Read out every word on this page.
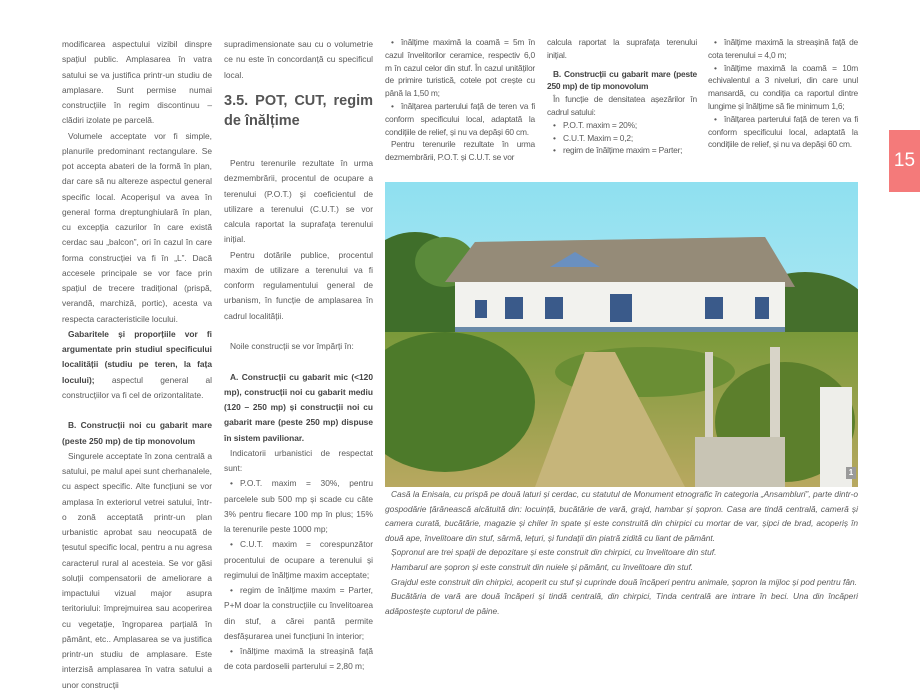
modificarea aspectului vizibil dinspre spațiul public. Amplasarea în vatra satului se va justifica printr-un studiu de amplasare. Sunt permise numai construcțiile în regim discontinuu – clădiri izolate pe parcelă.

Volumele acceptate vor fi simple, planurile predominant rectangulare. Se pot accepta abateri de la formă în plan, dar care să nu altereze aspectul general specific local. Acoperișul va avea în general forma dreptunghiulară în plan, cu excepția cazurilor în care există cerdac sau „balcon”, ori în cazul în care forma construcției va fi în „L”. Dacă accesele principale se vor face prin spațiul de trecere tradițional (prispă, verandă, marchiză, portic), acesta va respecta caracteristicile locului.

Gabaritele și proporțiile vor fi argumentate prin studiul specificului localității (studiu pe teren, la fața locului); aspectul general al construcțiilor va fi cel de orizontalitate.

B. Construcții noi cu gabarit mare (peste 250 mp) de tip monovolum

Singurele acceptate în zona centrală a satului, pe malul apei sunt cherhanalele, cu aspect specific. Alte funcțiuni se vor amplasa în exteriorul vetrei satului, într-o zonă acceptată printr-un plan urbanistic aprobat sau neocupată de țesutul specific local, pentru a nu agresa caracterul rural al acesteia. Se vor găsi soluții compensatorii de ameliorare a impactului vizual major asupra teritoriului: împrejmuirea sau acoperirea cu vegetație, îngroparea parțială în pământ, etc.. Amplasarea se va justifica printr-un studiu de amplasare. Este interzisă amplasarea în vatra satului a unor construcții

supradimensionate sau cu o volumetrie ce nu este în concordanță cu specificul local.

3.5. POT, CUT, regim
de înălțime

Pentru terenurile rezultate în urma dezmembrării, procentul de ocupare a terenului (P.O.T.) și coeficientul de utilizare a terenului (C.U.T.) se vor calcula raportat la suprafața terenului inițial.

Pentru dotările publice, procentul maxim de utilizare a terenului va fi conform regulamentului general de urbanism, în funcție de amplasarea în cadrul localității.

Noile construcții se vor împărți în:

A. Construcții cu gabarit mic (<120 mp), construcții noi cu gabarit mediu (120 – 250 mp) și construcții noi cu gabarit mare (peste 250 mp) dispuse în sistem pavilionar.

Indicatorii urbanistici de respectat sunt:

• P.O.T. maxim = 30%, pentru parcelele sub 500 mp și scade cu câte 3% pentru fiecare 100 mp în plus; 15% la terenurile peste 1000 mp;

• C.U.T. maxim = corespunzător procentului de ocupare a terenului și regimului de înălțime maxim acceptate;

• regim de înălțime maxim = Parter, P+M doar la construcțiile cu învelitoarea din stuf, a cărei pantă permite desfășurarea unei funcțiuni în interior;

• înălțime maximă la streașină față de cota pardoselii parterului = 2,80 m;

• înălțime maximă la coamă = 5m în cazul învelitorilor ceramice, respectiv 6,0 m în cazul celor din stuf. În cazul unităților de primire turistică, cotele pot crește cu până la 1,50 m;

• înălțarea parterului față de teren va fi conform specificului local, adaptată la condițiile de relief, și nu va depăși 60 cm.

Pentru terenurile rezultate în urma dezmembrării, P.O.T. și C.U.T. se vor

calcula raportat la suprafața terenului inițial.

B. Construcții cu gabarit mare (peste 250 mp) de tip monovolum

În funcție de densitatea așezărilor în cadrul satului:

• P.O.T. maxim = 20%;

• C.U.T. Maxim = 0,2;

• regim de înălțime maxim = Parter;

• înălțime maximă la streașină față de cota terenului = 4,0 m;

• înălțime maximă la coamă = 10m echivalentul a 3 niveluri, din care unul mansardă, cu condiția ca raportul dintre lungime și înălțime să fie minimum 1,6;

• înălțarea parterului față de teren va fi conform specificului local, adaptată la condițiile de relief, și nu va depăși 60 cm.

1

Casă la Enisala, cu prispă pe două laturi și cerdac, cu statutul de Monument etnografic în categoria „Ansambluri”, parte dintr-o gospodărie țărănească alcătuită din: locuință, bucătărie de vară, grajd, hambar și șopron. Casa are tindă centrală, cameră și camera curată, bucătărie, magazie și chiler în spate și este construită din chirpici cu mortar de var, șipci de brad, acoperiș în două ape, învelitoare din stuf, sârmă, lețuri, și fundații din piatră zidită cu liant de pământ.

Șopronul are trei spații de depozitare și este construit din chirpici, cu învelitoare din stuf.

Hambarul are șopron și este construit din nuiele și pământ, cu învelitoare din stuf.

Grajdul este construit din chirpici, acoperit cu stuf și cuprinde două încăperi pentru animale, șopron la mijloc și pod pentru fân.

Bucătăria de vară are două încăperi și tindă centrală, din chirpici, Tinda centrală are intrare în beci. Una din încăperi adăpostește cuptorul de pâine.

15
